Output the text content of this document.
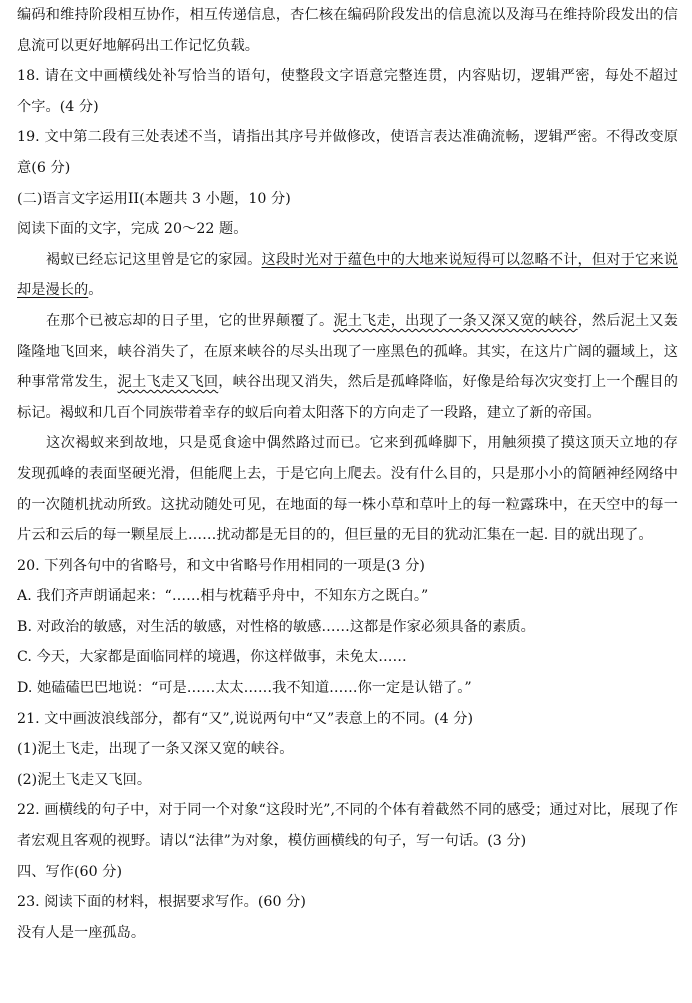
编码和维持阶段相互协作，相互传递信息，杏仁核在编码阶段发出的信息流以及海马在维持阶段发出的信
息流可以更好地解码出工作记忆负载。
18. 请在文中画横线处补写恰当的语句，使整段文字语意完整连贯，内容贴切，逻辑严密，每处不超过
个字。(4 分)
19. 文中第二段有三处表述不当，请指出其序号并做修改，使语言表达准确流畅，逻辑严密。不得改变原
意(6 分)
(二)语言文字运用II(本题共 3 小题，10 分)
阅读下面的文字，完成 20～22 题。
褐蚁已经忘记这里曾是它的家园。这段时光对于蕴色中的大地来说短得可以忽略不计，但对于它来说
却是漫长的。
在那个已被忘却的日子里，它的世界颠覆了。泥土飞走，出现了一条又深又宽的峡谷，然后泥土又轰
隆隆地飞回来，峡谷消失了，在原来峡谷的尽头出现了一座黑色的孤峰。其实，在这片广阔的疆域上，这
种事常常发生，泥土飞走又飞回，峡谷出现又消失，然后是孤峰降临，好像是给每次灾变打上一个醒目的
标记。褐蚁和几百个同族带着幸存的蚁后向着太阳落下的方向走了一段路，建立了新的帝国。
这次褐蚁来到故地，只是觅食途中偶然路过而已。它来到孤峰脚下，用触须摸了摸这顶天立地的存
发现孤峰的表面坚硬光滑，但能爬上去，于是它向上爬去。没有什么目的，只是那小小的简陋神经网络中
的一次随机扰动所致。这扰动随处可见，在地面的每一株小草和草叶上的每一粒露珠中，在天空中的每一
片云和云后的每一颗星辰上……扰动都是无目的的，但巨量的无目的犹动汇集在一起. 目的就出现了。
20. 下列各句中的省略号，和文中省略号作用相同的一项是(3 分)
A. 我们齐声朗诵起来：“……相与枕藉乎舟中，不知东方之既白。”
B. 对政治的敏感，对生活的敏感，对性格的敏感……这都是作家必须具备的素质。
C. 今天，大家都是面临同样的境遇，你这样做事，未免太……
D. 她磕磕巴巴地说：“可是……太太……我不知道……你一定是认错了。”
21. 文中画波浪线部分，都有“又”,说说两句中“又”表意上的不同。(4 分)
(1)泥土飞走，出现了一条又深又宽的峡谷。
(2)泥土飞走又飞回。
22. 画横线的句子中，对于同一个对象“这段时光”,不同的个体有着截然不同的感受；通过对比，展现了作
者宏观且客观的视野。请以“法律”为对象，模仿画横线的句子，写一句话。(3 分)
四、写作(60 分)
23. 阅读下面的材料，根据要求写作。(60 分)
没有人是一座孤岛。
